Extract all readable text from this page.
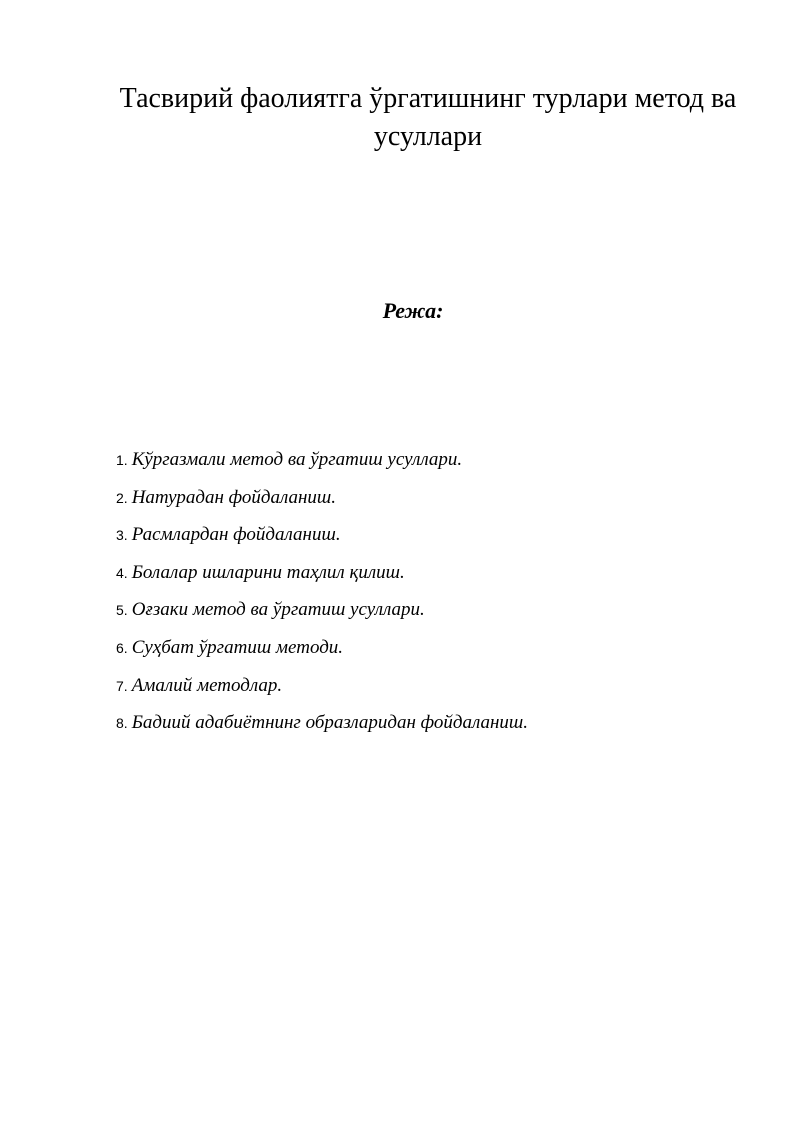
Тасвирий фаолиятга ўргатишнинг турлари метод ва усуллари
Режа:
1. Кўргазмали метод ва ўргатиш усуллари.
2. Натурадан фойдаланиш.
3. Расмлардан фойдаланиш.
4. Болалар ишларини таҳлил қилиш.
5. Оғзаки метод ва ўргатиш усуллари.
6. Суҳбат ўргатиш методи.
7. Амалий методлар.
8. Бадиий адабиётнинг образларидан фойдаланиш.
